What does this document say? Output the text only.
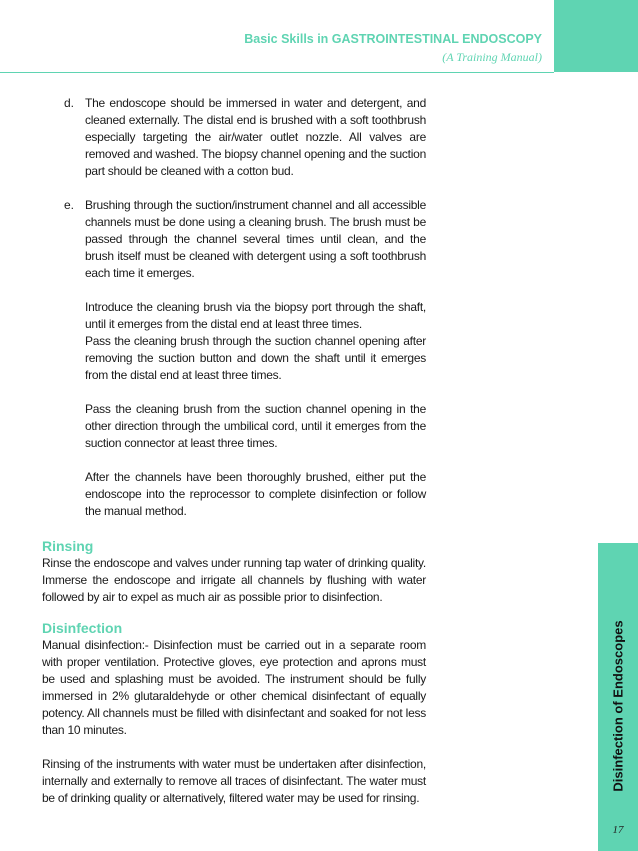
Basic Skills in GASTROINTESTINAL ENDOSCOPY
(A Training Manual)
d. The endoscope should be immersed in water and detergent, and cleaned externally. The distal end is brushed with a soft toothbrush especially targeting the air/water outlet nozzle. All valves are removed and washed. The biopsy channel opening and the suction part should be cleaned with a cotton bud.

e. Brushing through the suction/instrument channel and all accessible channels must be done using a cleaning brush. The brush must be passed through the channel several times until clean, and the brush itself must be cleaned with detergent using a soft toothbrush each time it emerges.

Introduce the cleaning brush via the biopsy port through the shaft, until it emerges from the distal end at least three times.

Pass the cleaning brush through the suction channel opening after removing the suction button and down the shaft until it emerges from the distal end at least three times.

Pass the cleaning brush from the suction channel opening in the other direction through the umbilical cord, until it emerges from the suction connector at least three times.

After the channels have been thoroughly brushed, either put the endoscope into the reprocessor to complete disinfection or follow the manual method.

Rinsing

Rinse the endoscope and valves under running tap water of drinking quality. Immerse the endoscope and irrigate all channels by flushing with water followed by air to expel as much air as possible prior to disinfection.

Disinfection

Manual disinfection:- Disinfection must be carried out in a separate room with proper ventilation. Protective gloves, eye protection and aprons must be used and splashing must be avoided. The instrument should be fully immersed in 2% glutaraldehyde or other chemical disinfectant of equally potency. All channels must be filled with disinfectant and soaked for not less than 10 minutes.

Rinsing of the instruments with water must be undertaken after disinfection, internally and externally to remove all traces of disinfectant. The water must be of drinking quality or alternatively, filtered water may be used for rinsing.

Disinfection of Endoscopes
17
